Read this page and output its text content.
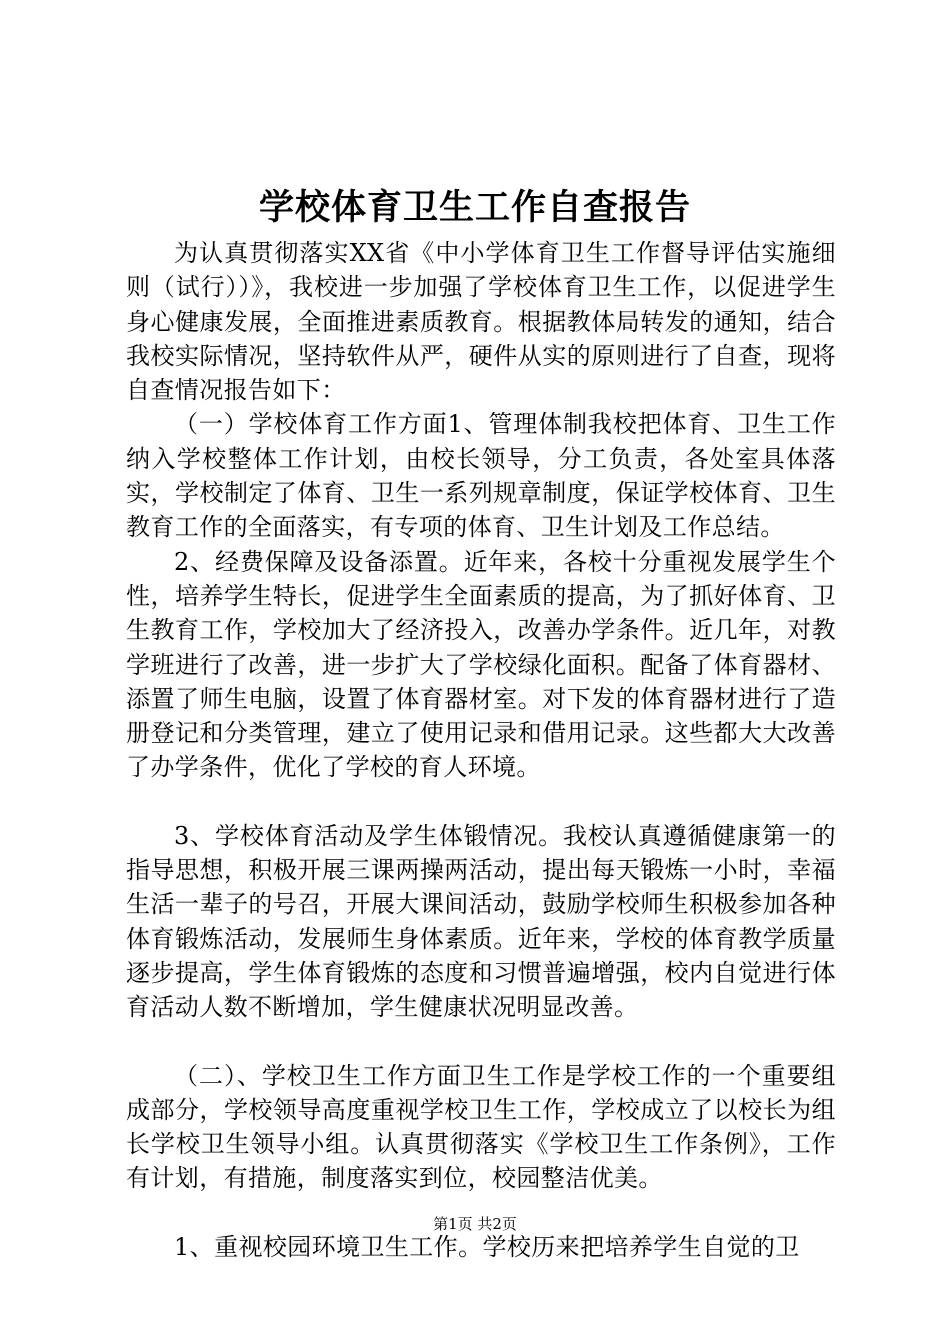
学校体育卫生工作自查报告

为认真贯彻落实XX省《中小学体育卫生工作督导评估实施细则（试行））》，我校进一步加强了学校体育卫生工作，以促进学生身心健康发展，全面推进素质教育。根据教体局转发的通知，结合我校实际情况，坚持软件从严，硬件从实的原则进行了自查，现将自查情况报告如下：

（一）学校体育工作方面1、管理体制我校把体育、卫生工作纳入学校整体工作计划，由校长领导，分工负责，各处室具体落实，学校制定了体育、卫生一系列规章制度，保证学校体育、卫生教育工作的全面落实，有专项的体育、卫生计划及工作总结。

2、经费保障及设备添置。近年来，各校十分重视发展学生个性，培养学生特长，促进学生全面素质的提高，为了抓好体育、卫生教育工作，学校加大了经济投入，改善办学条件。近几年，对教学班进行了改善，进一步扩大了学校绿化面积。配备了体育器材、添置了师生电脑，设置了体育器材室。对下发的体育器材进行了造册登记和分类管理，建立了使用记录和借用记录。这些都大大改善了办学条件，优化了学校的育人环境。

3、学校体育活动及学生体锻情况。我校认真遵循健康第一的指导思想，积极开展三课两操两活动，提出每天锻炼一小时，幸福生活一辈子的号召，开展大课间活动，鼓励学校师生积极参加各种体育锻炼活动，发展师生身体素质。近年来，学校的体育教学质量逐步提高，学生体育锻炼的态度和习惯普遍增强，校内自觉进行体育活动人数不断增加，学生健康状况明显改善。

（二）、学校卫生工作方面卫生工作是学校工作的一个重要组成部分，学校领导高度重视学校卫生工作，学校成立了以校长为组长学校卫生领导小组。认真贯彻落实《学校卫生工作条例》，工作有计划，有措施，制度落实到位，校园整洁优美。

1、重视校园环境卫生工作。学校历来把培养学生自觉的卫

第1页 共2页
